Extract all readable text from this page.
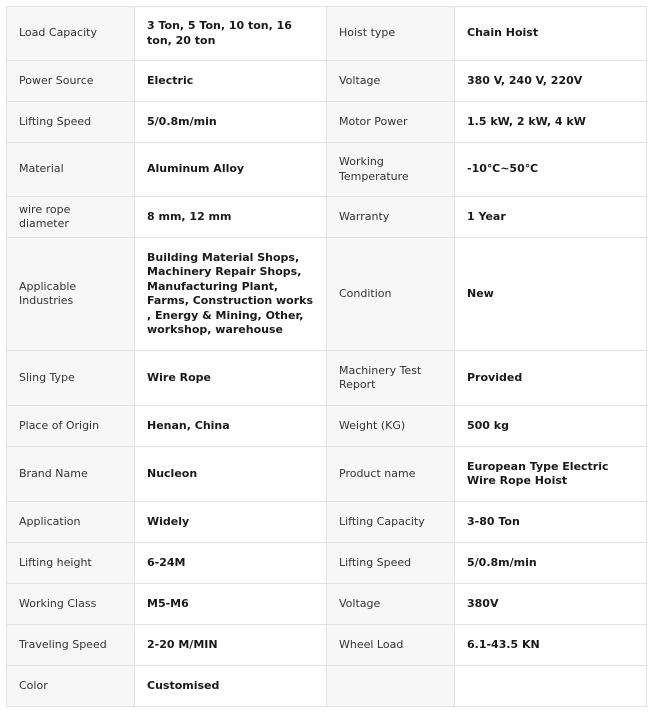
Load Capacity	3 Ton, 5 Ton, 10 ton, 16 ton, 20 ton	Hoist type	Chain Hoist
Power Source	Electric	Voltage	380 V, 240 V, 220V
Lifting Speed	5/0.8m/min	Motor Power	1.5 kW, 2 kW, 4 kW
Material	Aluminum Alloy	Working Temperature	-10℃~50℃
wire rope diameter	8 mm, 12 mm	Warranty	1 Year
Applicable Industries	Building Material Shops, Machinery Repair Shops, Manufacturing Plant, Farms, Construction works , Energy & Mining, Other, workshop, warehouse	Condition	New
Sling Type	Wire Rope	Machinery Test Report	Provided
Place of Origin	Henan, China	Weight (KG)	500 kg
Brand Name	Nucleon	Product name	European Type Electric Wire Rope Hoist
Application	Widely	Lifting Capacity	3-80 Ton
Lifting height	6-24M	Lifting Speed	5/0.8m/min
Working Class	M5-M6	Voltage	380V
Traveling Speed	2-20 M/MIN	Wheel Load	6.1-43.5 KN
Color	Customised		
